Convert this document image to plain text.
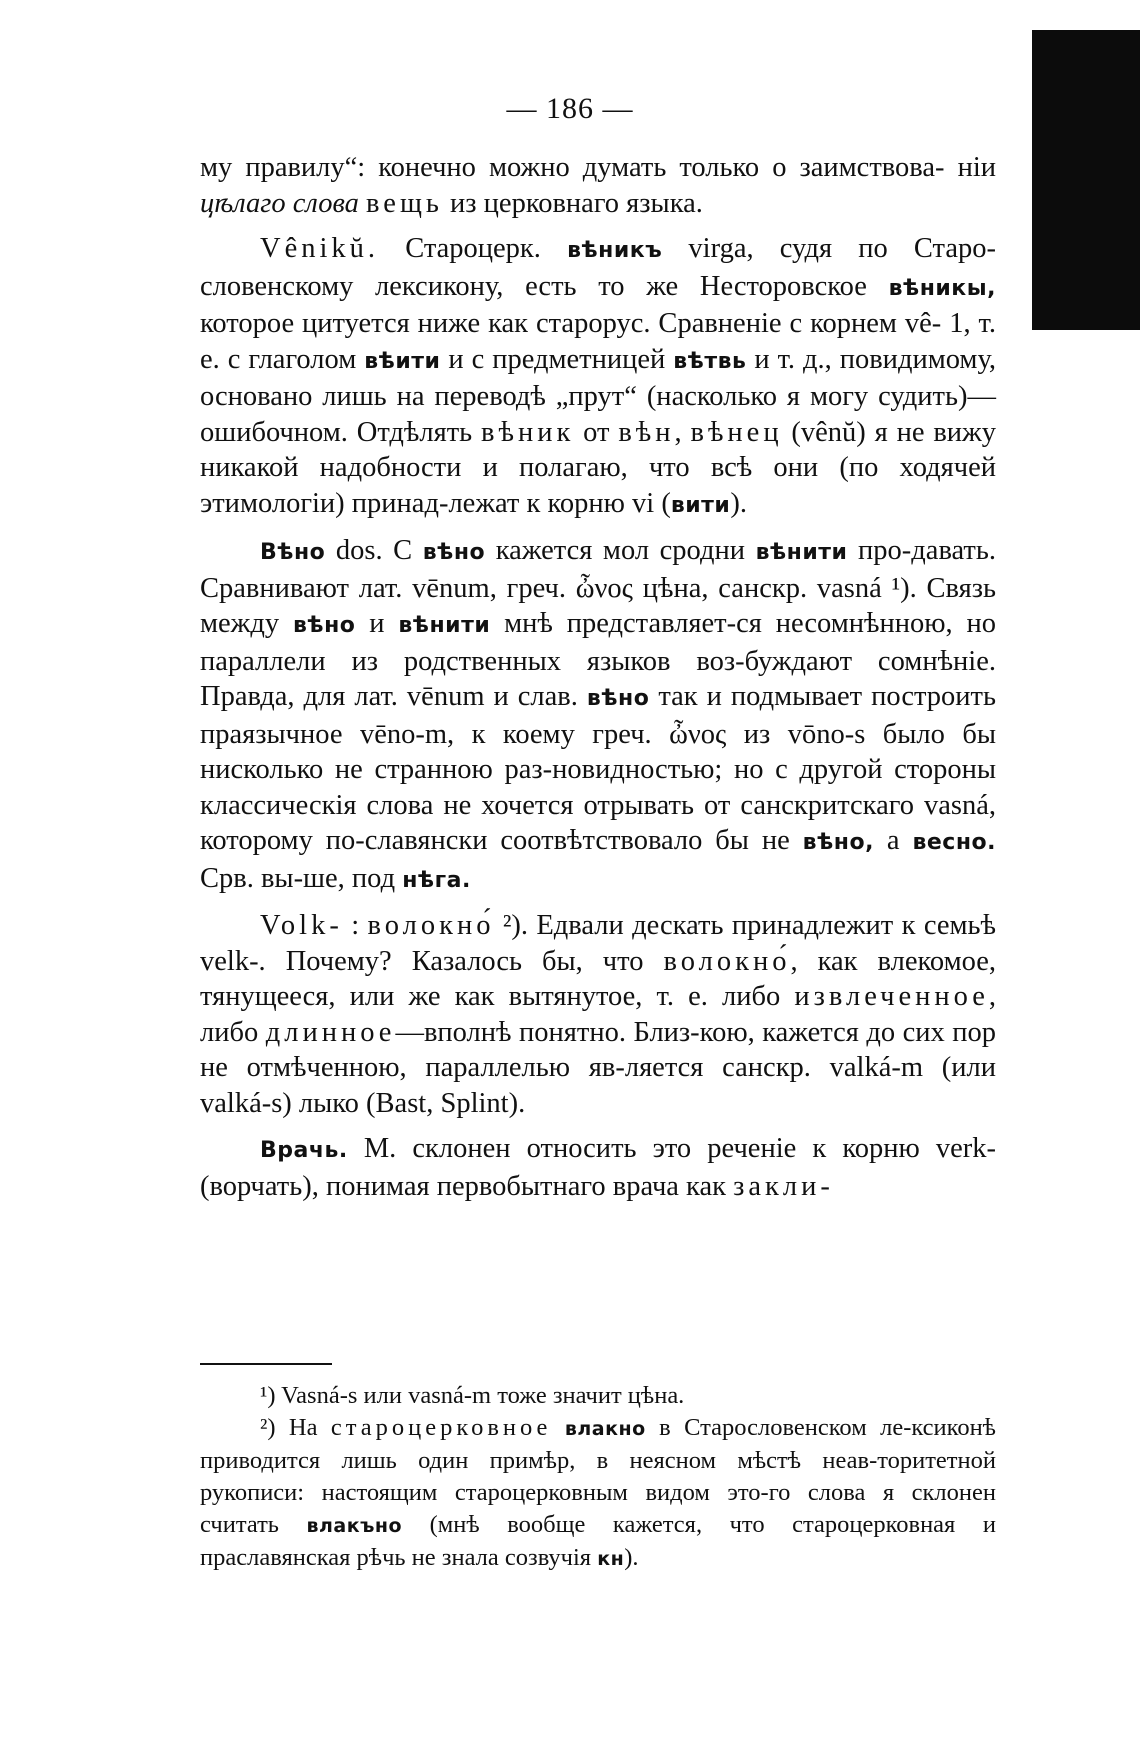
— 186 —

му правилу“: конечно можно думать только о заимствова- ніи цѣлаго слова вещь из церковнаго языка.

Vênikŭ. Староцерк. вѣникъ virga, судя по Старо-словенскому лексикону, есть то же Несторовское вѣникы, которое цитуется ниже как старорус. Сравненіе с корнем vê- 1, т. е. с глаголом вѣити и с предметницей вѣтвь и т. д., повидимому, основано лишь на переводѣ „прут“ (насколько я могу судить)—ошибочном. Отдѣлять вѣник от вѣн, вѣнец (vênŭ) я не вижу никакой надобности и полагаю, что всѣ они (по ходячей этимологіи) принад-лежат к корню vi (вити).

Вѣно dos. С вѣно кажется мол сродни вѣнити про-давать. Сравнивают лат. vēnum, греч. ὦνος цѣна, санскр. vasná ¹). Связь между вѣно и вѣнити мнѣ представляет-ся несомнѣнною, но параллели из родственных языков воз-буждают сомнѣніе. Правда, для лат. vēnum и слав. вѣно так и подмывает построить праязычное vēno-m, к коему греч. ὦνος из vōno-s было бы нисколько не странною раз-новидностью; но с другой стороны классическія слова не хочется отрывать от санскритскаго vasná, которому по-славянски соотвѣтствовало бы не вѣно, а весно. Срв. вы-ше, под нѣга.

Volk- : волокно́ ²). Едвали дескать принадлежит к семьѣ velk-. Почему? Казалось бы, что волокно́, как влекомое, тянущееся, или же как вытянутое, т. е. либо извлеченное, либо длинное—вполнѣ понятно. Близ-кою, кажется до сих пор не отмѣченною, параллелью яв-ляется санскр. valká-m (или valká-s) лыко (Bast, Splint).

Врачь. М. склонен относить это реченіе к корню verk- (ворчать), понимая первобытнаго врача как закли-

¹) Vasná-s или vasná-m тоже значит цѣна.

²) На староцерковное влакно в Старословенском ле-ксиконѣ приводится лишь один примѣр, в неясном мѣстѣ неав-торитетной рукописи: настоящим староцерковным видом это-го слова я склонен считать влакъно (мнѣ вообще кажется, что староцерковная и праславянская рѣчь не знала созвучія кн).
